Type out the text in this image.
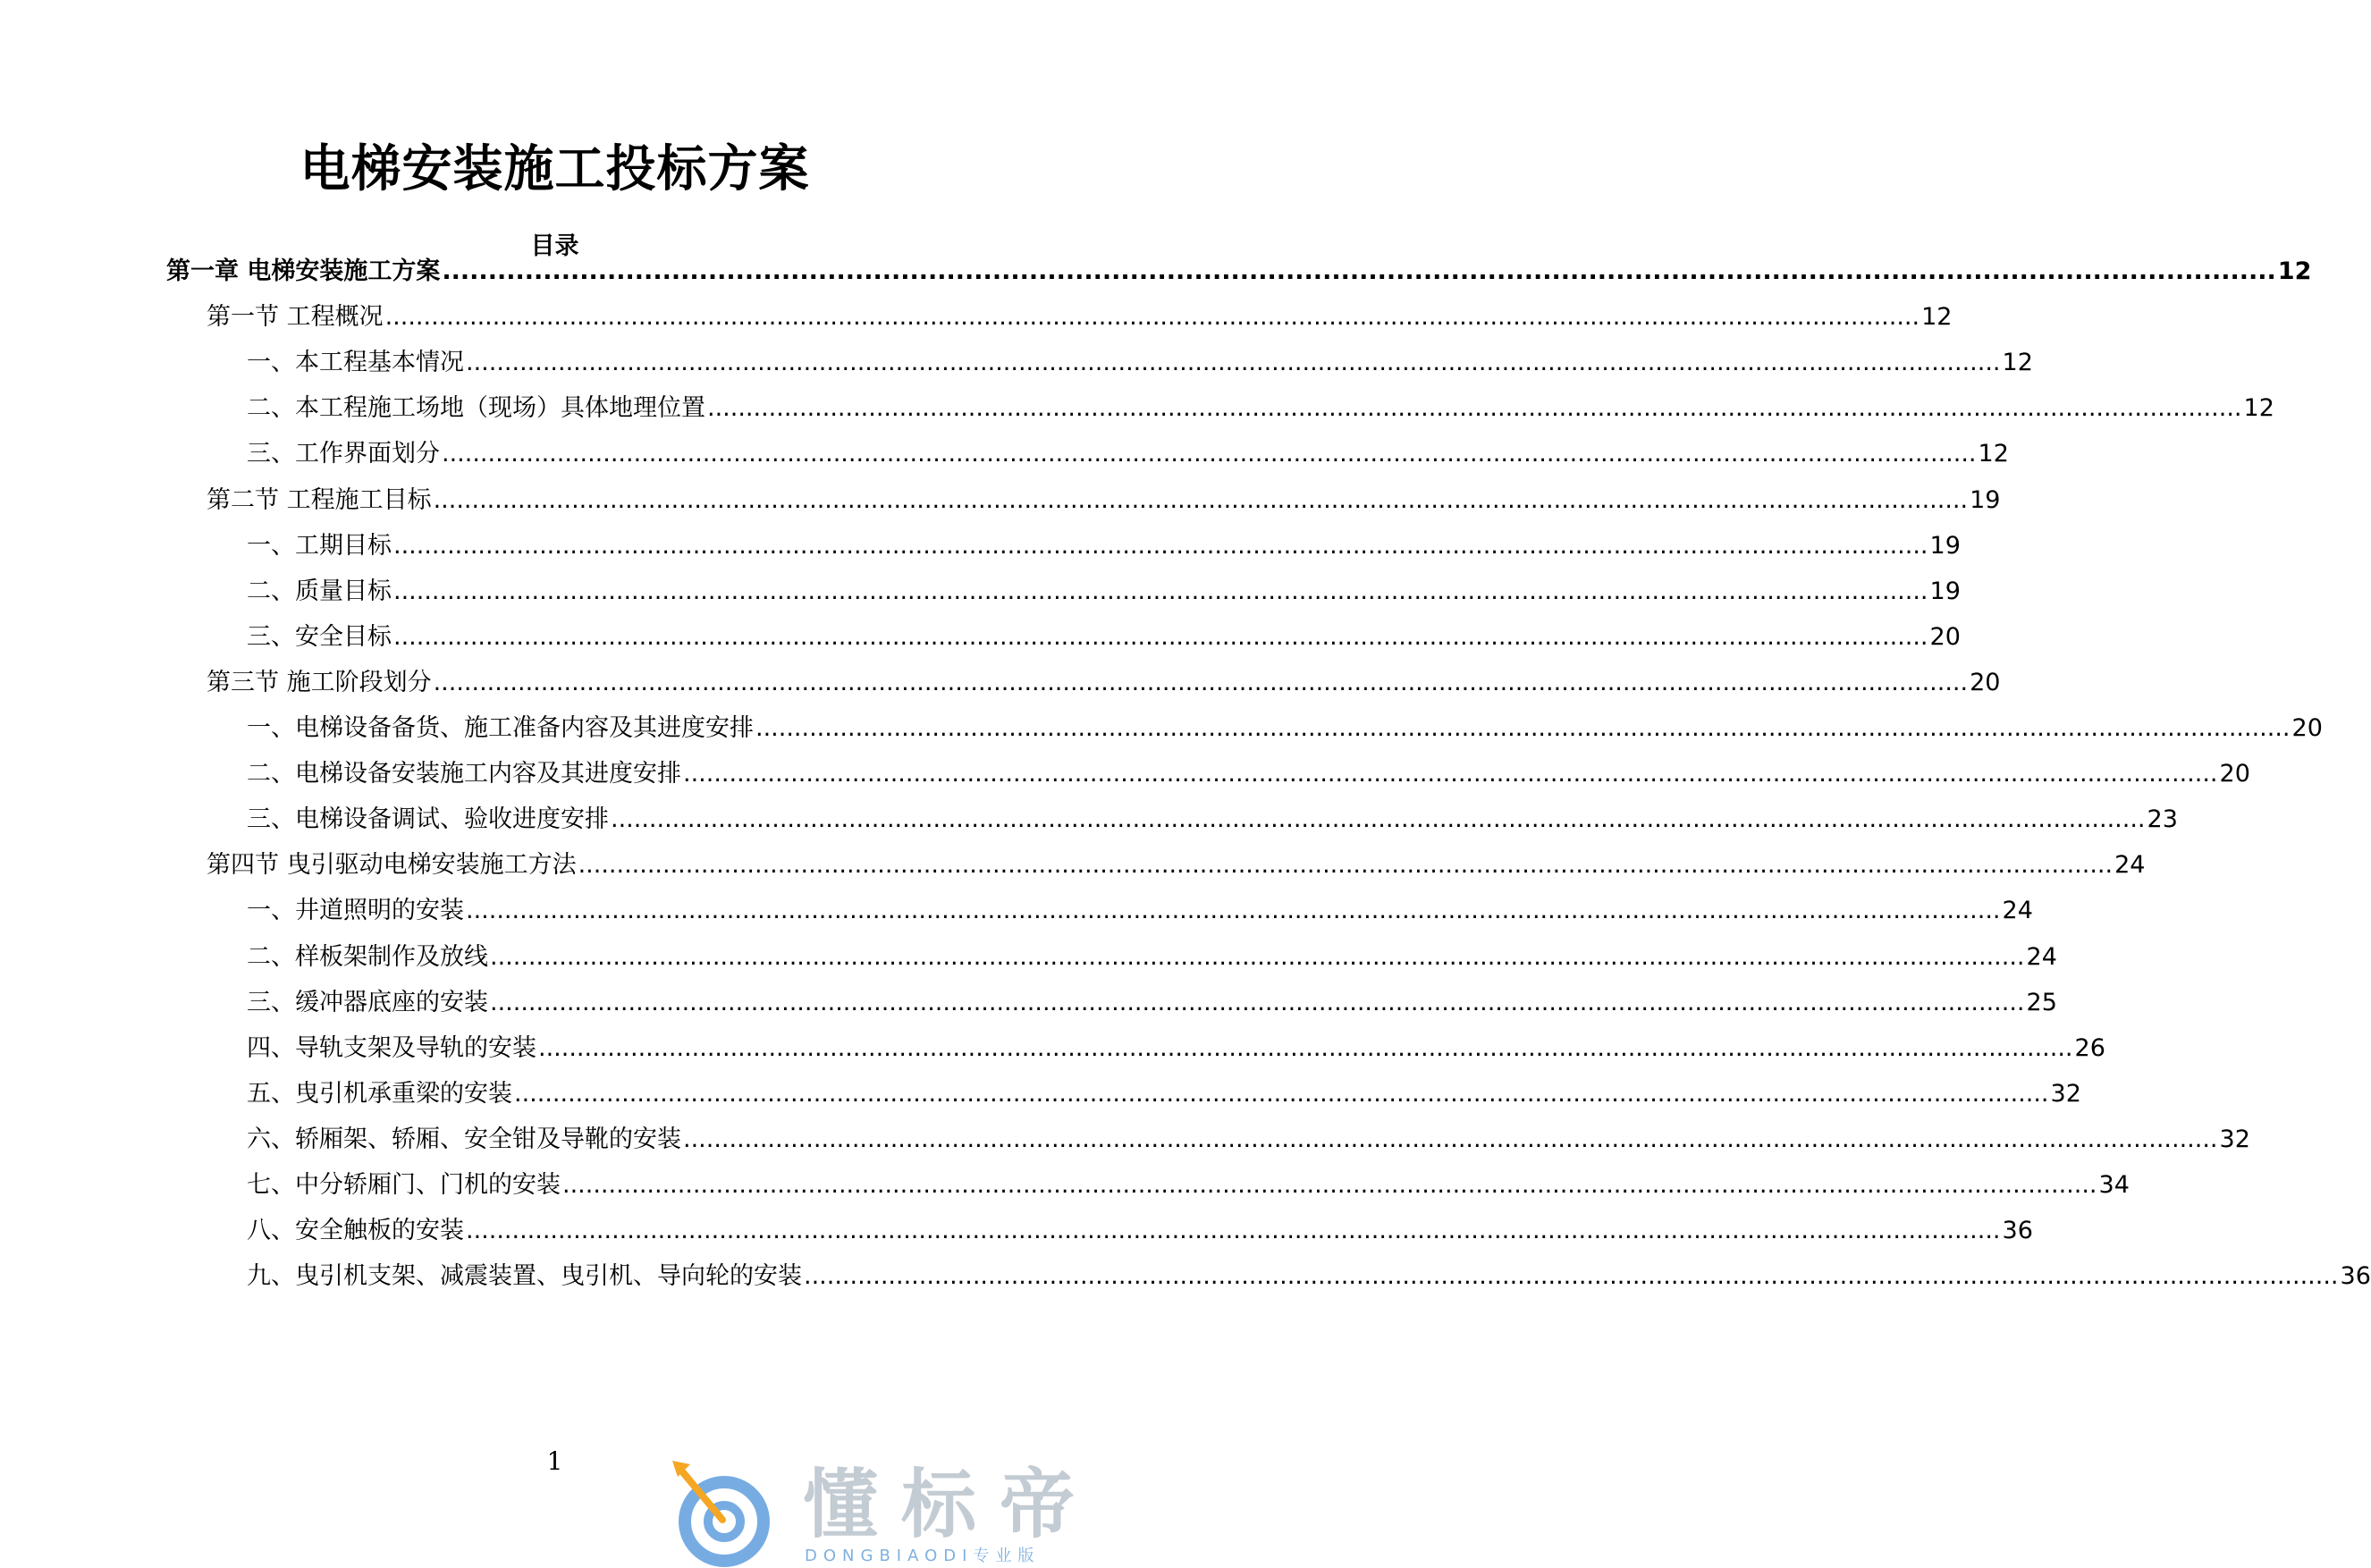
电梯安装施工投标方案
目录
第一章 电梯安装施工方案 ........................................................................................................................................................................................................ 12
第一节 工程概况 ........................................................................................................................................................................................................ 12
一、本工程基本情况 ........................................................................................................................................................................................................ 12
二、本工程施工场地（现场）具体地理位置 ........................................................................................................................................................................................................ 12
三、工作界面划分 ........................................................................................................................................................................................................ 12
第二节 工程施工目标 ........................................................................................................................................................................................................ 19
一、工期目标 ........................................................................................................................................................................................................ 19
二、质量目标 ........................................................................................................................................................................................................ 19
三、安全目标 ........................................................................................................................................................................................................ 20
第三节 施工阶段划分 ........................................................................................................................................................................................................ 20
一、电梯设备备货、施工准备内容及其进度安排 ........................................................................................................................................................................................................ 20
二、电梯设备安装施工内容及其进度安排 ........................................................................................................................................................................................................ 20
三、电梯设备调试、验收进度安排 ........................................................................................................................................................................................................ 23
第四节 曳引驱动电梯安装施工方法 ........................................................................................................................................................................................................ 24
一、井道照明的安装 ........................................................................................................................................................................................................ 24
二、样板架制作及放线 ........................................................................................................................................................................................................ 24
三、缓冲器底座的安装 ........................................................................................................................................................................................................ 25
四、导轨支架及导轨的安装 ........................................................................................................................................................................................................ 26
五、曳引机承重梁的安装 ........................................................................................................................................................................................................ 32
六、轿厢架、轿厢、安全钳及导靴的安装 ........................................................................................................................................................................................................ 32
七、中分轿厢门、门机的安装 ........................................................................................................................................................................................................ 34
八、安全触板的安装 ........................................................................................................................................................................................................ 36
九、曳引机支架、减震装置、曳引机、导向轮的安装 ........................................................................................................................................................................................................ 36
1	懂标帝
DONGBIAODI专业版
